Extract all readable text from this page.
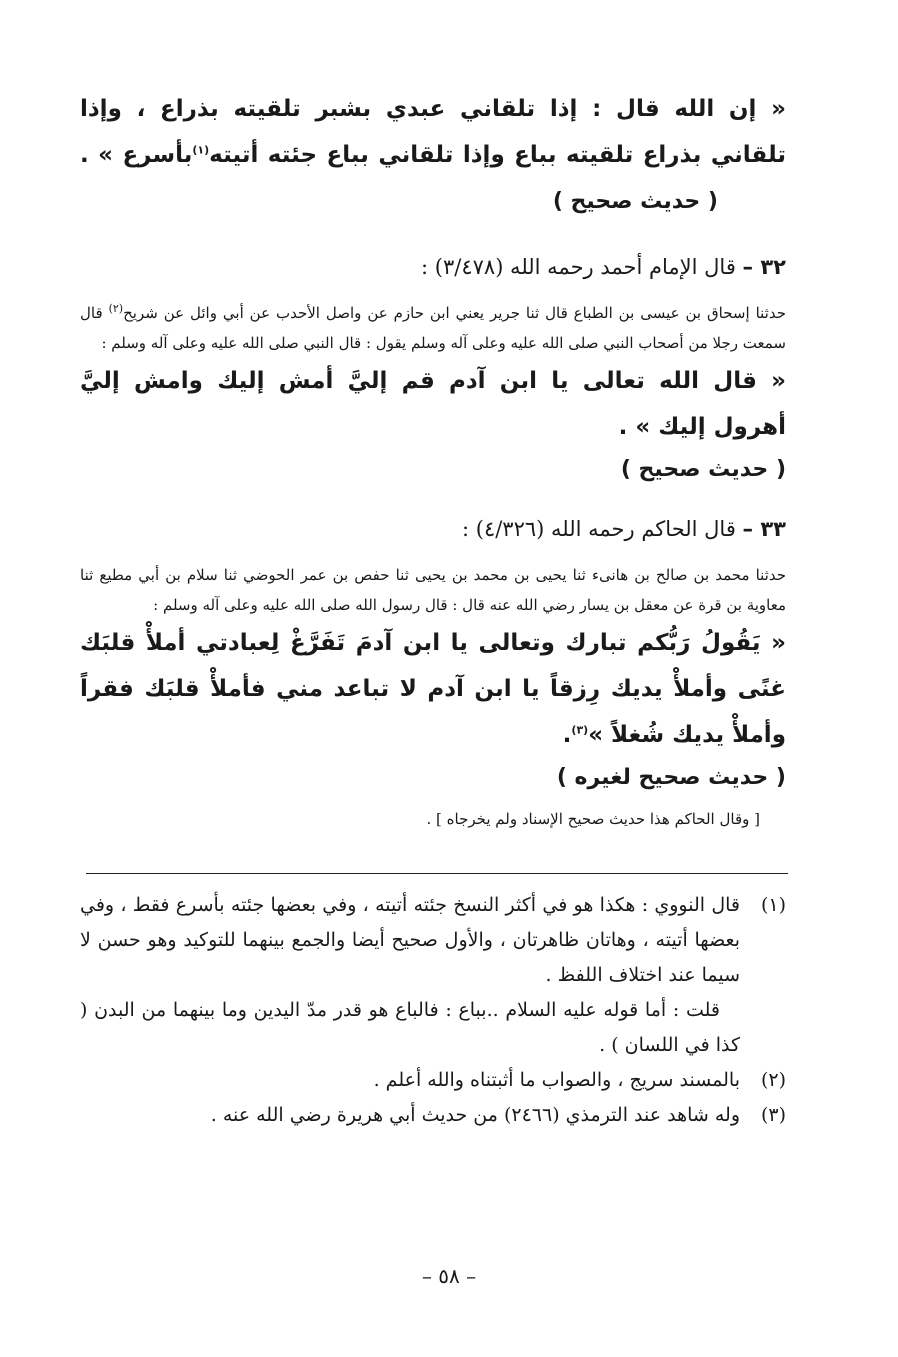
« إن الله قال : إذا تلقاني عبدي بشبر تلقيته بذراع ، وإذا تلقاني بذراع تلقيته بباع وإذا تلقاني بباع جئته أتيته$^{(١)}$بأسرع » .  ( حديث صحيح )

٣٢ – قال الإمام أحمد رحمه الله (٣/٤٧٨) :

حدثنا إسحاق بن عيسى بن الطباع قال ثنا جرير يعني ابن حازم عن واصل الأحدب عن أبي وائل عن شريح$^{(٢)}$ قال سمعت رجلا من أصحاب النبي صلى الله عليه وعلى آله وسلم يقول : قال النبي صلى الله عليه وعلى آله وسلم :

« قال الله تعالى يا ابن آدم قم إليَّ أمش إليك وامش إليَّ أهرول إليك » .

( حديث صحيح )

٣٣ – قال الحاكم رحمه الله (٤/٣٢٦) :

حدثنا محمد بن صالح بن هانىء ثنا يحيى بن محمد بن يحيى ثنا حفص بن عمر الحوضي ثنا سلام بن أبي مطيع ثنا معاوية بن قرة عن معقل بن يسار رضي الله عنه قال : قال رسول الله صلى الله عليه وعلى آله وسلم :

« يَقُولُ رَبُّكم تبارك وتعالى يا ابن آدمَ تَفَرَّغْ لِعبادتي أملأْ قلبَك غنًى وأملأْ يديك رِزقاً يا ابن آدم لا تباعد مني فأملأْ قلبَك فقراً وأملأْ يديك شُغلاً »$^{(٣)}$.

( حديث صحيح لغيره )

[ وقال الحاكم هذا حديث صحيح الإسناد ولم يخرجاه ] .

(١)
قال النووي : هكذا هو في أكثر النسخ جئته أتيته ، وفي بعضها جئته بأسرع فقط ، وفي بعضها أتيته ، وهاتان ظاهرتان ، والأول صحيح أيضا والجمع بينهما للتوكيد وهو حسن لا سيما عند اختلاف اللفظ .

قلت : أما قوله عليه السلام ..بباع : فالباع هو قدر مدّ اليدين وما بينهما من البدن ( كذا في اللسان ) .

(٢)
بالمسند سريج ، والصواب ما أثبتناه والله أعلم .
(٣)
وله شاهد عند الترمذي (٢٤٦٦) من حديث أبي هريرة رضي الله عنه .
– ٥٨ –
